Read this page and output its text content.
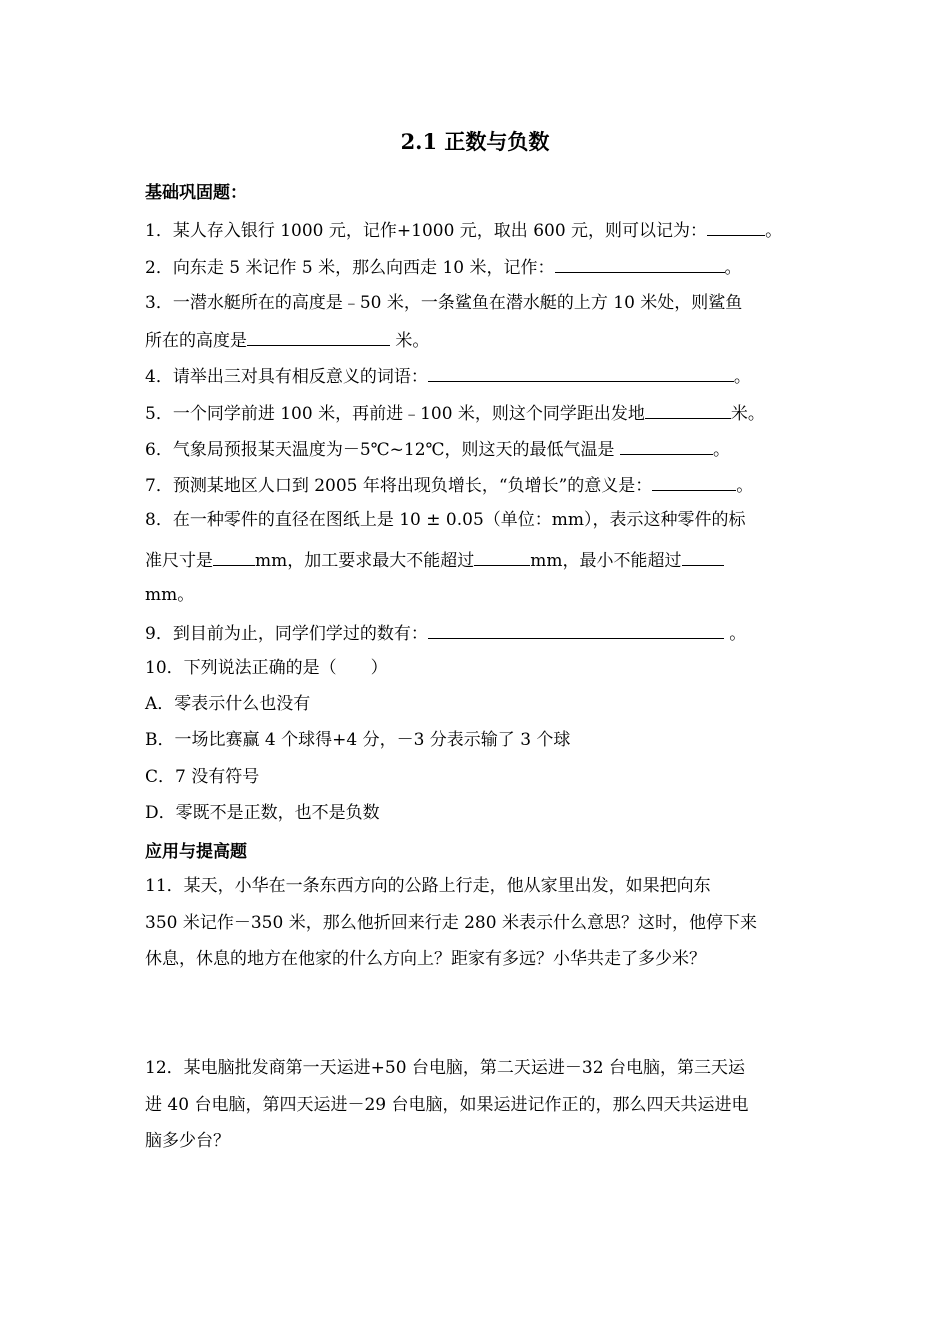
2.1 正数与负数
基础巩固题：
1．某人存入银行 1000 元，记作+1000 元，取出 600 元，则可以记为：	。
2．向东走 5 米记作 5 米，那么向西走 10 米，记作：	。
3．一潜水艇所在的高度是﹣50 米，一条鲨鱼在潜水艇的上方 10 米处，则鲨鱼
所在的高度是	米。
4．请举出三对具有相反意义的词语：	。
5．一个同学前进 100 米，再前进﹣100 米，则这个同学距出发地	米。
6．气象局预报某天温度为－5℃~12℃，则这天的最低气温是	。
7．预测某地区人口到 2005 年将出现负增长，“负增长”的意义是：	。
8．在一种零件的直径在图纸上是 10 ± 0.05（单位：mm），表示这种零件的标
准尺寸是 mm，加工要求最大不能超过	mm，最小不能超过
mm。
9．到目前为止，同学们学过的数有：	。
10．下列说法正确的是（　　）
A．零表示什么也没有
B．一场比赛赢 4 个球得+4 分，－3 分表示输了 3 个球
C．7 没有符号
D．零既不是正数，也不是负数
应用与提高题
11．某天，小华在一条东西方向的公路上行走，他从家里出发，如果把向东
350 米记作－350 米，那么他折回来行走 280 米表示什么意思？这时，他停下来
休息，休息的地方在他家的什么方向上？距家有多远？小华共走了多少米？
12．某电脑批发商第一天运进+50 台电脑，第二天运进－32 台电脑，第三天运
进 40 台电脑，第四天运进－29 台电脑，如果运进记作正的，那么四天共运进电
脑多少台？
